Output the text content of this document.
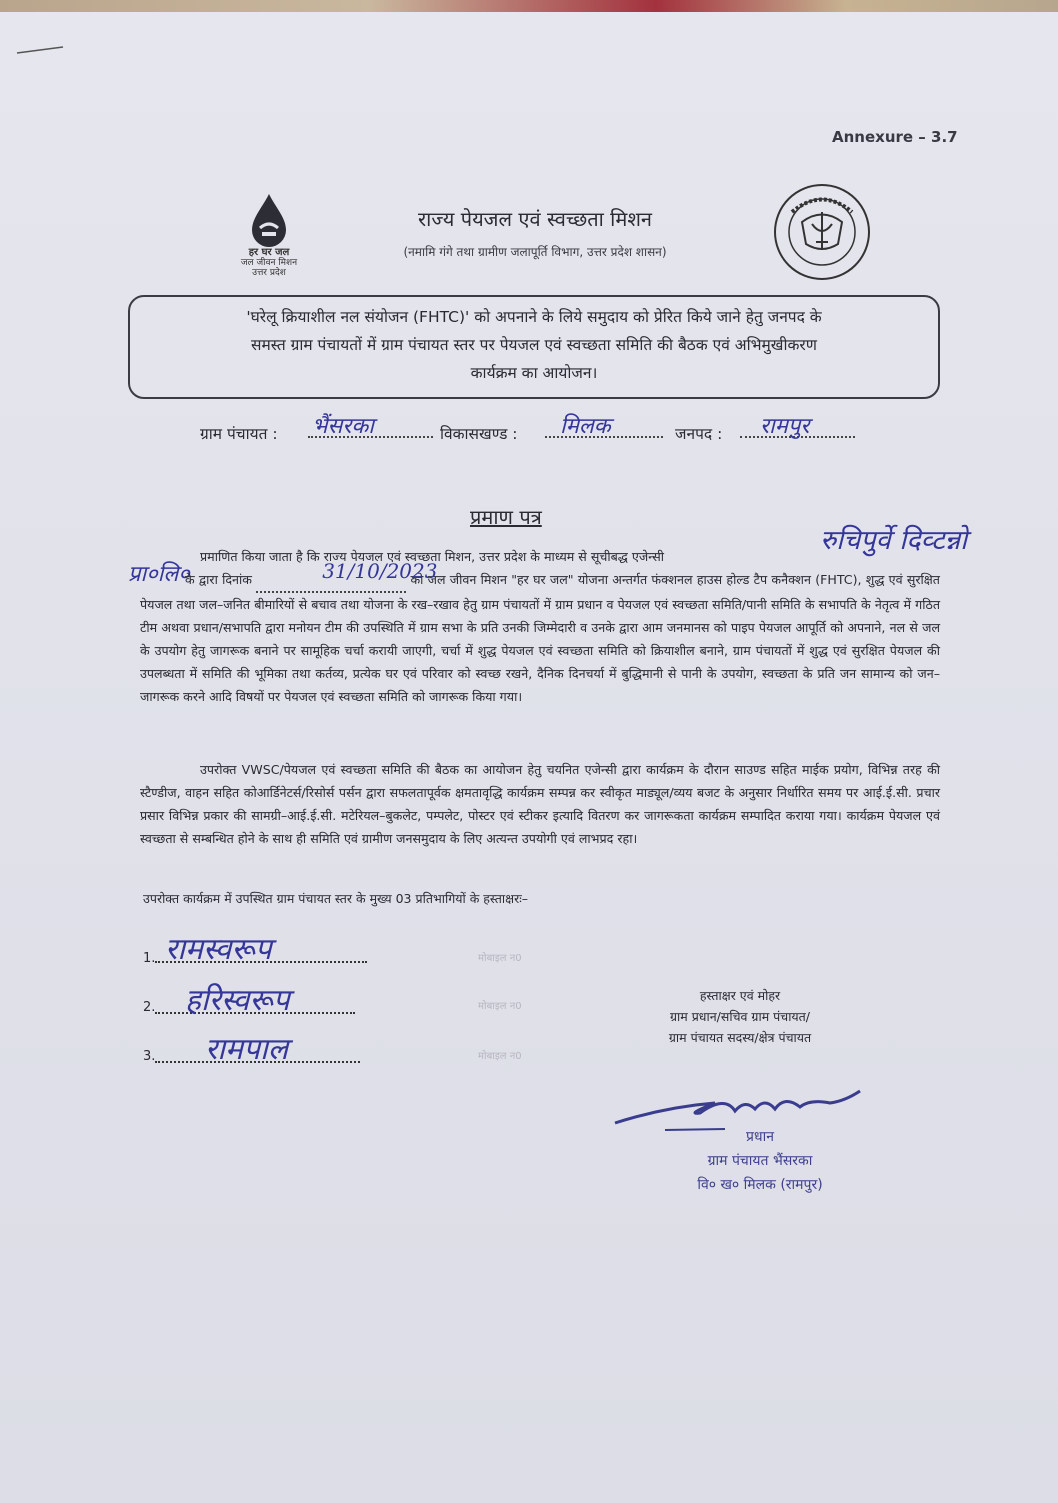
Annexure – 3.7
हर घर जल
जल जीवन मिशन
उत्तर प्रदेश
राज्य पेयजल एवं स्वच्छता मिशन
(नमामि गंगे तथा ग्रामीण जलापूर्ति विभाग, उत्तर प्रदेश शासन)
'घरेलू क्रियाशील नल संयोजन (FHTC)' को अपनाने के लिये समुदाय को प्रेरित किये जाने हेतु जनपद के
समस्त ग्राम पंचायतों में ग्राम पंचायत स्तर पर पेयजल एवं स्वच्छता समिति की बैठक एवं अभिमुखीकरण
कार्यक्रम का आयोजन।
ग्राम पंचायत : भैंसरका	विकासखण्ड : मिलक	जनपद : रामपुर
प्रमाण पत्र
रुचिपुर्वे दिव्टन्नो
प्रा०लि०

प्रमाणित किया जाता है कि राज्य पेयजल एवं स्वच्छता मिशन, उत्तर प्रदेश के माध्यम से सूचीबद्ध एजेन्सी
के द्वारा दिनांक	31/10/2023
को जल जीवन मिशन "हर घर जल" योजना अन्तर्गत फंक्शनल हाउस होल्ड टैप कनैक्शन (FHTC), शुद्ध एवं सुरक्षित पेयजल तथा जल–जनित बीमारियों से बचाव तथा योजना के रख–रखाव हेतु ग्राम पंचायतों में ग्राम प्रधान व पेयजल एवं स्वच्छता समिति/पानी समिति के सभापति के नेतृत्व में गठित टीम अथवा प्रधान/सभापति द्वारा मनोयन टीम की उपस्थिति में ग्राम सभा के प्रति उनकी जिम्मेदारी व उनके द्वारा आम जनमानस को पाइप पेयजल आपूर्ति को अपनाने, नल से जल के उपयोग हेतु जागरूक बनाने पर सामूहिक चर्चा करायी जाएगी, चर्चा में शुद्ध पेयजल एवं स्वच्छता समिति को क्रियाशील बनाने, ग्राम पंचायतों में शुद्ध एवं सुरक्षित पेयजल की उपलब्धता में समिति की भूमिका तथा कर्तव्य, प्रत्येक घर एवं परिवार को स्वच्छ रखने, दैनिक दिनचर्या में बुद्धिमानी से पानी के उपयोग, स्वच्छता के प्रति जन सामान्य को जन–जागरूक करने आदि विषयों पर पेयजल एवं स्वच्छता समिति को जागरूक किया गया।

उपरोक्त VWSC/पेयजल एवं स्वच्छता समिति की बैठक का आयोजन हेतु चयनित एजेन्सी द्वारा कार्यक्रम के दौरान साउण्ड सहित माईक प्रयोग, विभिन्न तरह की स्टैण्डीज, वाहन सहित कोआर्डिनेटर्स/रिसोर्स पर्सन द्वारा सफलतापूर्वक क्षमतावृद्धि कार्यक्रम सम्पन्न कर स्वीकृत माड्यूल/व्यय बजट के अनुसार निर्धारित समय पर आई.ई.सी. प्रचार प्रसार विभिन्न प्रकार की सामग्री–आई.ई.सी. मटेरियल–बुकलेट, पम्पलेट, पोस्टर एवं स्टीकर इत्यादि वितरण कर जागरूकता कार्यक्रम सम्पादित कराया गया। कार्यक्रम पेयजल एवं स्वच्छता से सम्बन्धित होने के साथ ही समिति एवं ग्रामीण जनसमुदाय के लिए अत्यन्त उपयोगी एवं लाभप्रद रहा।

उपरोक्त कार्यक्रम में उपस्थित ग्राम पंचायत स्तर के मुख्य 03 प्रतिभागियों के हस्ताक्षरः–
1. रामस्वरूप	मोबाइल न0
2. हरिस्वरूप	मोबाइल न0
3. रामपाल	मोबाइल न0
हस्ताक्षर एवं मोहर
ग्राम प्रधान/सचिव ग्राम पंचायत/
ग्राम पंचायत सदस्य/क्षेत्र पंचायत
प्रधान
ग्राम पंचायत भैंसरका
वि० ख० मिलक (रामपुर)
